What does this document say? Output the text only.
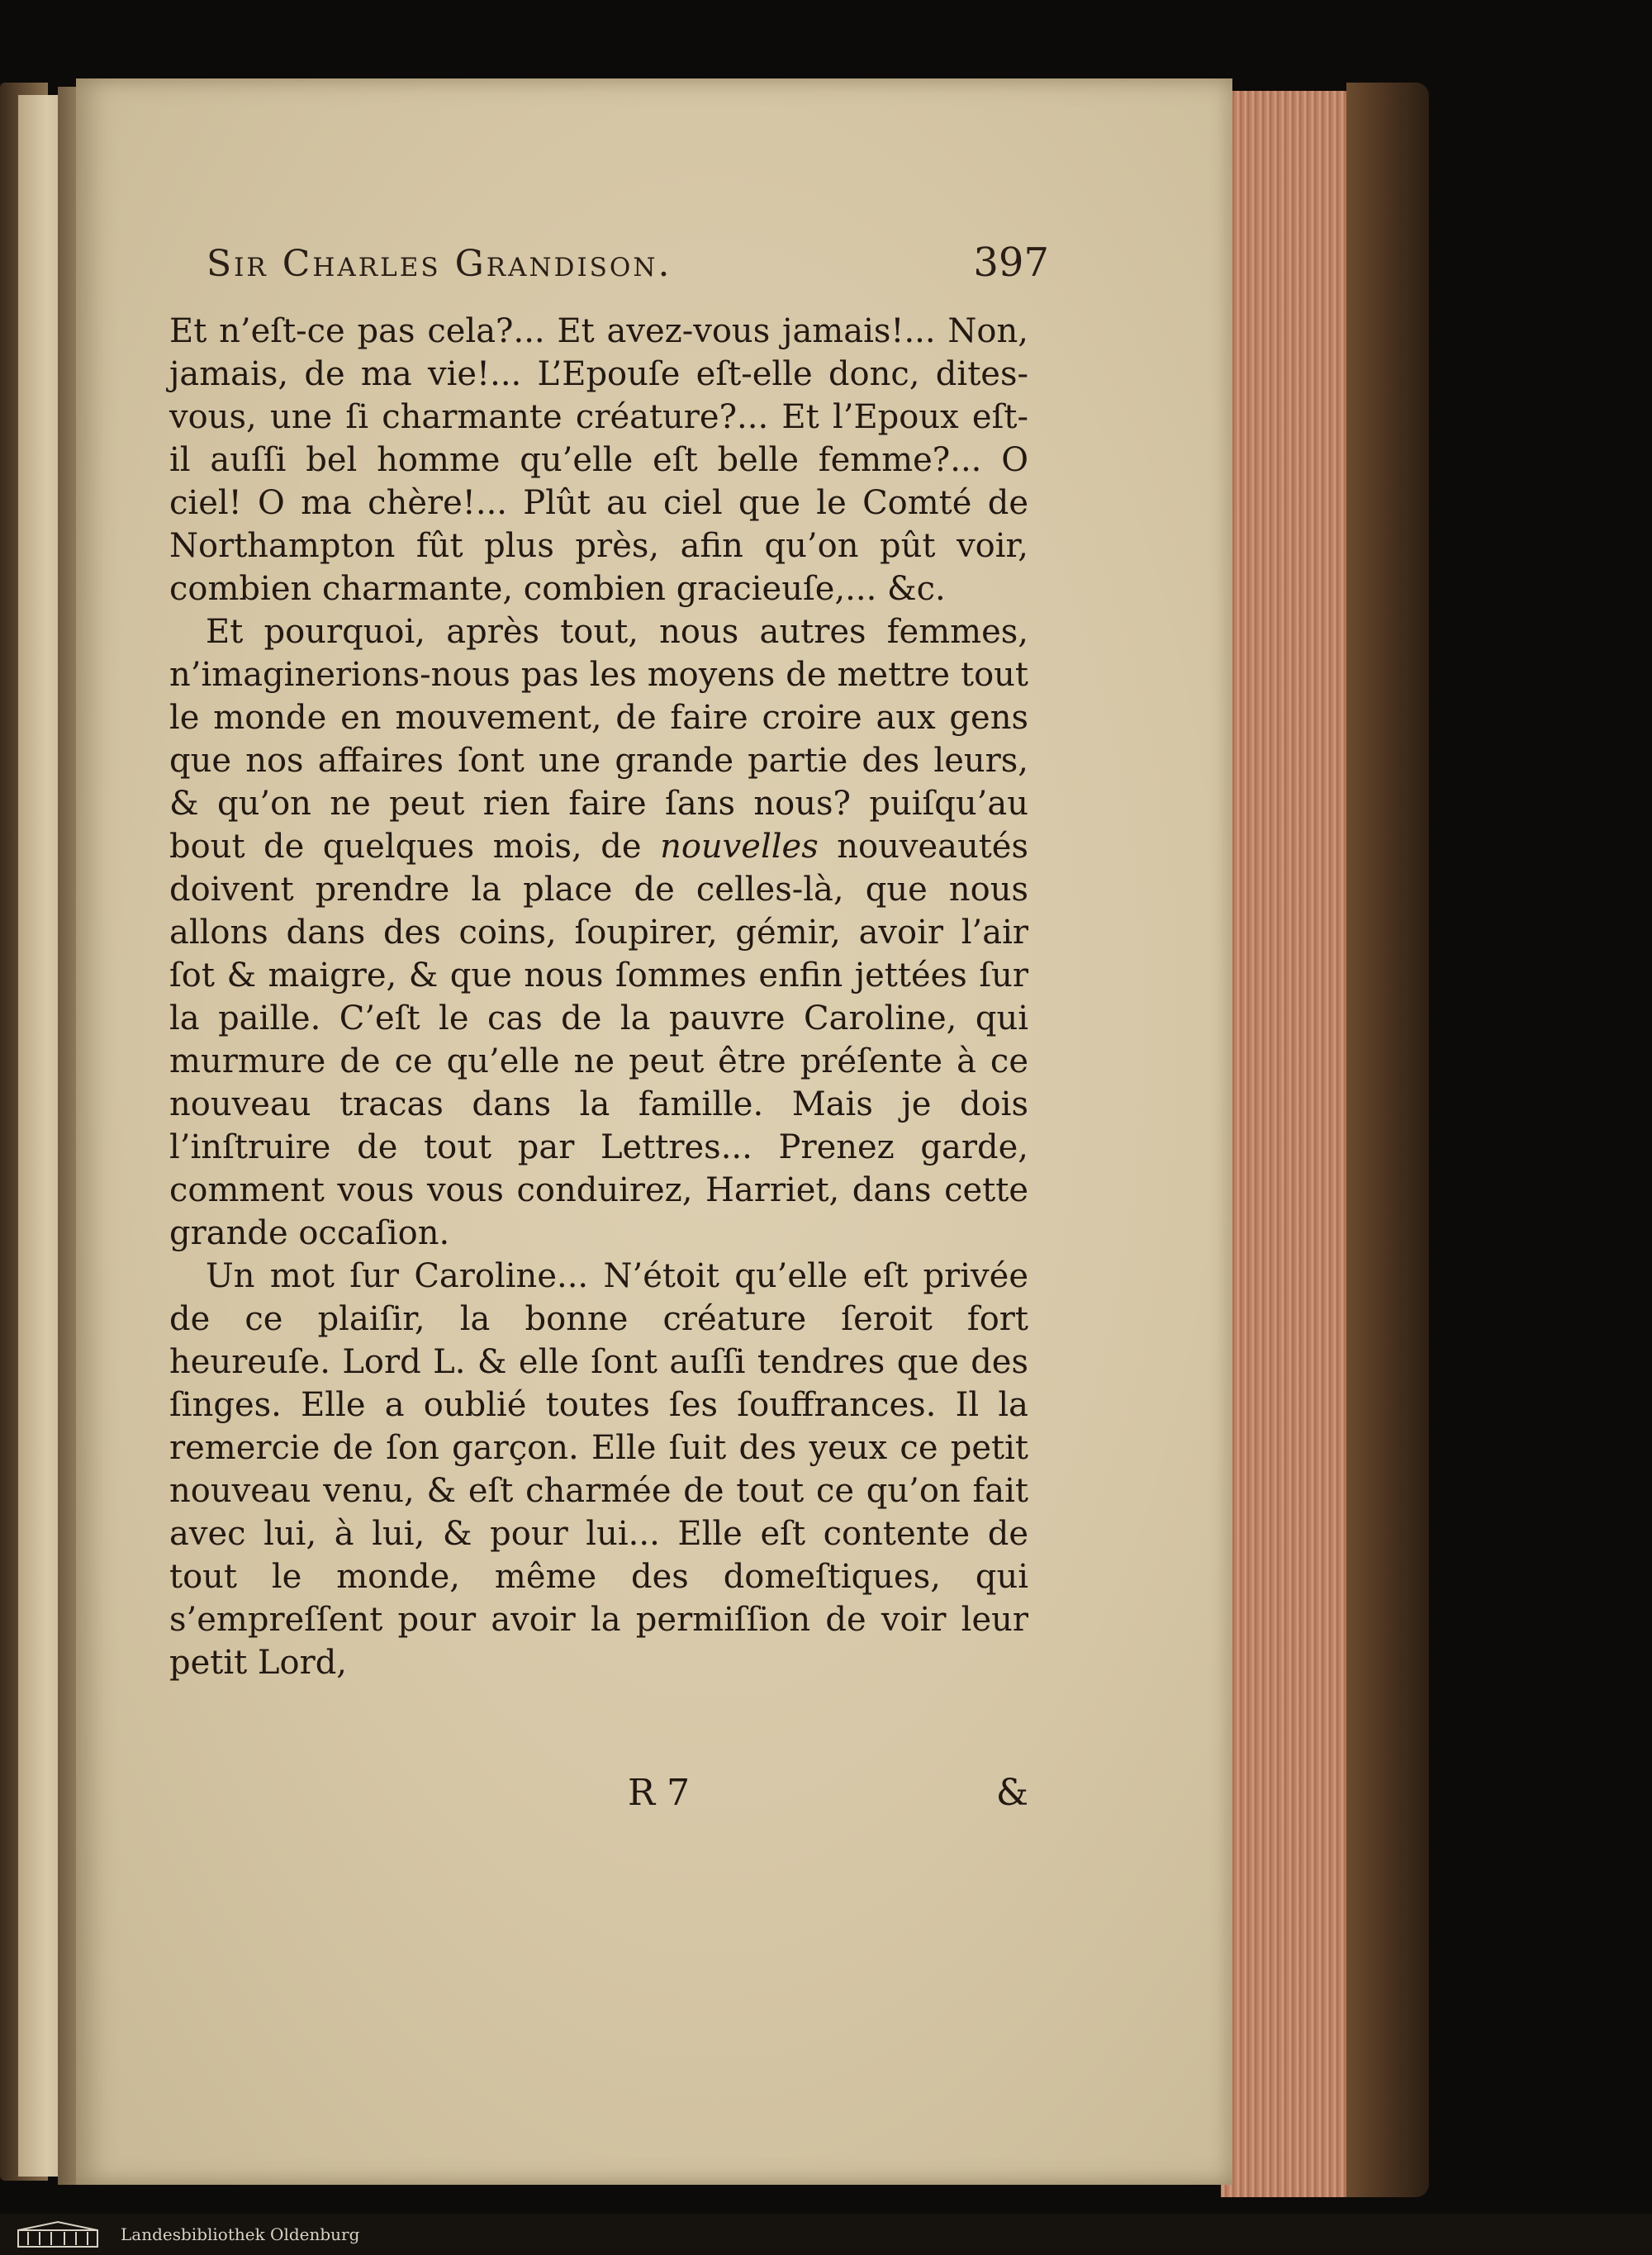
Sir Charles Grandison.	397

Et n’eſt-ce pas cela?... Et avez-vous jamais!... Non, jamais, de ma vie!... L’Epouſe eſt-elle donc, dites-vous, une ſi charmante créature?... Et l’Epoux eſt-il auſſi bel homme qu’elle eſt belle femme?... O ciel! O ma chère!... Plût au ciel que le Comté de Northampton fût plus près, afin qu’on pût voir, combien charmante, combien gracieuſe,... &c.

Et pourquoi, après tout, nous autres femmes, n’imaginerions-nous pas les moyens de mettre tout le monde en mouvement, de faire croire aux gens que nos affaires ſont une grande partie des leurs, & qu’on ne peut rien faire ſans nous? puiſqu’au bout de quelques mois, de nouvelles nouveautés doivent prendre la place de celles-là, que nous allons dans des coins, ſoupirer, gémir, avoir l’air ſot & maigre, & que nous ſommes enfin jettées ſur la paille. C’eſt le cas de la pauvre Caroline, qui murmure de ce qu’elle ne peut être préſente à ce nouveau tracas dans la famille. Mais je dois l’inſtruire de tout par Lettres... Prenez garde, comment vous vous conduirez, Harriet, dans cette grande occaſion.

Un mot ſur Caroline... N’étoit qu’elle eſt privée de ce plaiſir, la bonne créature ſeroit fort heureuſe. Lord L. & elle ſont auſſi tendres que des ſinges. Elle a oublié toutes ſes ſouffrances. Il la remercie de ſon garçon. Elle ſuit des yeux ce petit nouveau venu, & eſt charmée de tout ce qu’on fait avec lui, à lui, & pour lui... Elle eſt contente de tout le monde, même des domeſtiques, qui s’empreſſent pour avoir la permiſſion de voir leur petit Lord,

R 7	&
Landesbibliothek Oldenburg
